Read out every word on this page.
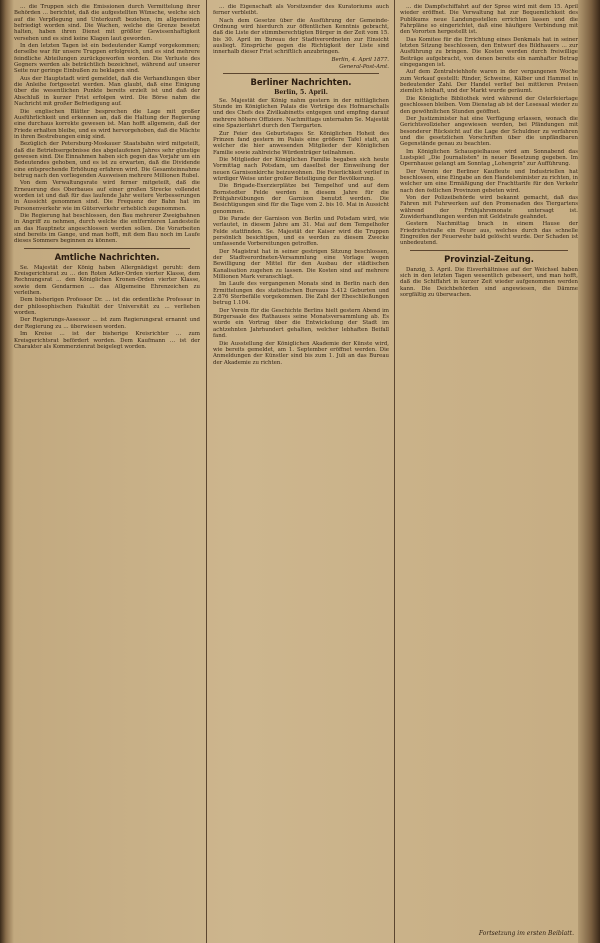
… die Truppen sich die Emissionen durch Vermittelung ihrer Behörden … berichtet, daß die aufgestellten Wünsche, welche sich auf die Verpflegung und Unterkunft beziehen, im allgemeinen befriedigt worden sind. Die Wachen, welche die Grenze besetzt halten, haben ihren Dienst mit größter Gewissenhaftigkeit versehen und es sind keine Klagen laut geworden.

In den letzten Tagen ist ein bedeutender Kampf vorgekommen; derselbe war für unsere Truppen erfolgreich, und es sind mehrere feindliche Abteilungen zurückgeworfen worden. Die Verluste des Gegners werden als beträchtlich bezeichnet, während auf unserer Seite nur geringe Einbußen zu beklagen sind.

Aus der Hauptstadt wird gemeldet, daß die Verhandlungen über die Anleihe fortgesetzt werden. Man glaubt, daß eine Einigung über die wesentlichen Punkte bereits erzielt ist und daß der Abschluß in kurzer Frist erfolgen wird. Die Börse nahm die Nachricht mit großer Befriedigung auf.

Die englischen Blätter besprechen die Lage mit großer Ausführlichkeit und erkennen an, daß die Haltung der Regierung eine durchaus korrekte gewesen ist. Man hofft allgemein, daß der Friede erhalten bleibe, und es wird hervorgehoben, daß die Mächte in ihren Bestrebungen einig sind.

Bezüglich der Petersburg-Moskauer Staatsbahn wird mitgeteilt, daß die Betriebsergebnisse des abgelaufenen Jahres sehr günstige gewesen sind. Die Einnahmen haben sich gegen das Vorjahr um ein Bedeutendes gehoben, und es ist zu erwarten, daß die Dividende eine entsprechende Erhöhung erfahren wird. Die Gesamteinnahme betrug nach den vorliegenden Ausweisen mehrere Millionen Rubel.

Von dem Verwaltungsrate wird ferner mitgeteilt, daß die Erneuerung des Oberbaues auf einer großen Strecke vollendet worden ist und daß für das laufende Jahr weitere Verbesserungen in Aussicht genommen sind. Die Frequenz der Bahn hat im Personenverkehr wie im Güterverkehr erheblich zugenommen.

Die Regierung hat beschlossen, den Bau mehrerer Zweigbahnen in Angriff zu nehmen, durch welche die entfernteren Landesteile an das Hauptnetz angeschlossen werden sollen. Die Vorarbeiten sind bereits im Gange, und man hofft, mit dem Bau noch im Laufe dieses Sommers beginnen zu können.

Amtliche Nachrichten.

Se. Majestät der König haben Allergnädigst geruht: dem Kreisgerichtsrat zu … den Roten Adler-Orden vierter Klasse, dem Rechnungsrat … den Königlichen Kronen-Orden vierter Klasse, sowie dem Gendarmen … das Allgemeine Ehrenzeichen zu verleihen.

Dem bisherigen Professor Dr. … ist die ordentliche Professur in der philosophischen Fakultät der Universität zu … verliehen worden.

Der Regierungs-Assessor … ist zum Regierungsrat ernannt und der Regierung zu … überwiesen worden.

Im Kreise … ist der bisherige Kreisrichter … zum Kreisgerichtsrat befördert worden. Dem Kaufmann … ist der Charakter als Kommerzienrat beigelegt worden.

… die Eigenschaft als Vorsitzender des Kuratoriums auch ferner verbleibt.

Nach dem Gesetze über die Ausführung der Gemeinde-Ordnung wird hierdurch zur öffentlichen Kenntnis gebracht, daß die Liste der stimmberechtigten Bürger in der Zeit vom 15. bis 30. April im Bureau der Stadtverordneten zur Einsicht ausliegt. Einsprüche gegen die Richtigkeit der Liste sind innerhalb dieser Frist schriftlich anzubringen.

Berlin, 4. April 1877.

General-Post-Amt.

Berliner Nachrichten.
Berlin, 5. April.

Se. Majestät der König nahm gestern in der mittäglichen Stunde im Königlichen Palais die Vorträge des Hofmarschalls und des Chefs des Zivilkabinetts entgegen und empfing darauf mehrere höhere Offiziere. Nachmittags unternahm Se. Majestät eine Spazierfahrt durch den Tiergarten.

Zur Feier des Geburtstages Sr. Königlichen Hoheit des Prinzen fand gestern im Palais eine größere Tafel statt, an welcher die hier anwesenden Mitglieder der Königlichen Familie sowie zahlreiche Würdenträger teilnahmen.

Die Mitglieder der Königlichen Familie begaben sich heute Vormittag nach Potsdam, um daselbst der Einweihung der neuen Garnisonkirche beizuwohnen. Die Feierlichkeit verlief in würdiger Weise unter großer Beteiligung der Bevölkerung.

Die Brigade-Exerzierplätze bei Tempelhof und auf dem Bornstedter Felde werden in diesem Jahre für die Frühjahrsübungen der Garnison benutzt werden. Die Besichtigungen sind für die Tage vom 2. bis 10. Mai in Aussicht genommen.

Die Parade der Garnison von Berlin und Potsdam wird, wie verlautet, in diesem Jahre am 31. Mai auf dem Tempelhofer Felde stattfinden. Se. Majestät der Kaiser wird die Truppen persönlich besichtigen, und es werden zu diesem Zwecke umfassende Vorbereitungen getroffen.

Der Magistrat hat in seiner gestrigen Sitzung beschlossen, der Stadtverordneten-Versammlung eine Vorlage wegen Bewilligung der Mittel für den Ausbau der städtischen Kanalisation zugehen zu lassen. Die Kosten sind auf mehrere Millionen Mark veranschlagt.

Im Laufe des vergangenen Monats sind in Berlin nach den Ermittelungen des statistischen Bureaus 3.412 Geburten und 2.876 Sterbefälle vorgekommen. Die Zahl der Eheschließungen betrug 1.104.

Der Verein für die Geschichte Berlins hielt gestern Abend im Bürgersaale des Rathauses seine Monatsversammlung ab. Es wurde ein Vortrag über die Entwickelung der Stadt im achtzehnten Jahrhundert gehalten, welcher lebhaften Beifall fand.

Die Ausstellung der Königlichen Akademie der Künste wird, wie bereits gemeldet, am 1. September eröffnet werden. Die Anmeldungen der Künstler sind bis zum 1. Juli an das Bureau der Akademie zu richten.

… die Dampfschiffahrt auf der Spree wird mit dem 15. April wieder eröffnet. Die Verwaltung hat zur Bequemlichkeit des Publikums neue Landungsstellen errichten lassen und die Fahrpläne so eingerichtet, daß eine häufigere Verbindung mit den Vororten hergestellt ist.

Das Komitee für die Errichtung eines Denkmals hat in seiner letzten Sitzung beschlossen, den Entwurf des Bildhauers … zur Ausführung zu bringen. Die Kosten werden durch freiwillige Beiträge aufgebracht, von denen bereits ein namhafter Betrag eingegangen ist.

Auf dem Zentralviehhofe waren in der vergangenen Woche zum Verkauf gestellt: Rinder, Schweine, Kälber und Hammel in bedeutender Zahl. Der Handel verlief bei mittleren Preisen ziemlich lebhaft, und der Markt wurde geräumt.

Die Königliche Bibliothek wird während der Osterfeiertage geschlossen bleiben. Vom Dienstag ab ist der Lesesaal wieder zu den gewöhnlichen Stunden geöffnet.

Der Justizminister hat eine Verfügung erlassen, wonach die Gerichtsvollzieher angewiesen werden, bei Pfändungen mit besonderer Rücksicht auf die Lage der Schuldner zu verfahren und die gesetzlichen Vorschriften über die unpfändbaren Gegenstände genau zu beachten.

Im Königlichen Schauspielhause wird am Sonnabend das Lustspiel „Die Journalisten" in neuer Besetzung gegeben. Im Opernhause gelangt am Sonntag „Lohengrin" zur Aufführung.

Der Verein der Berliner Kaufleute und Industriellen hat beschlossen, eine Eingabe an den Handelsminister zu richten, in welcher um eine Ermäßigung der Frachttarife für den Verkehr nach den östlichen Provinzen gebeten wird.

Von der Polizeibehörde wird bekannt gemacht, daß das Fahren mit Fuhrwerken auf den Promenaden des Tiergartens während der Frühjahrsmonate untersagt ist. Zuwiderhandlungen werden mit Geldstrafe geahndet.

Gestern Nachmittag brach in einem Hause der Friedrichstraße ein Feuer aus, welches durch das schnelle Eingreifen der Feuerwehr bald gelöscht wurde. Der Schaden ist unbedeutend.

Provinzial-Zeitung.

Danzig, 3. April. Die Eisverhältnisse auf der Weichsel haben sich in den letzten Tagen wesentlich gebessert, und man hofft, daß die Schiffahrt in kurzer Zeit wieder aufgenommen werden kann. Die Deichbehörden sind angewiesen, die Dämme sorgfältig zu überwachen.

Fortsetzung im ersten Beiblatt.
